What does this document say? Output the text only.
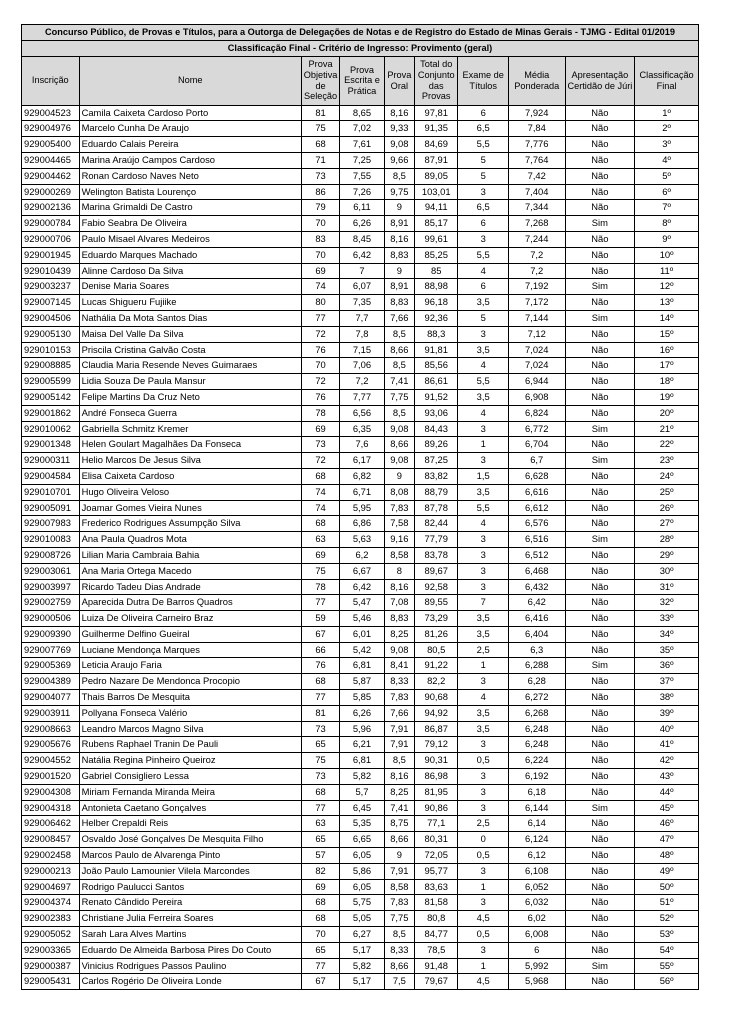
Concurso Público, de Provas e Títulos, para a Outorga de Delegações de Notas e de Registro do Estado de Minas Gerais - TJMG - Edital 01/2019									
Classificação Final - Critério de Ingresso: Provimento (geral)									
Inscrição	Nome	Prova Objetiva de Seleção	Prova Escrita e Prática	Prova Oral	Total do Conjunto das Provas	Exame de Títulos	Média Ponderada	Apresentação Certidão de Júri	Classificação Final
929004523	Camila Caixeta Cardoso Porto	81	8,65	8,16	97,81	6	7,924	Não	1º
929004976	Marcelo Cunha De Araujo	75	7,02	9,33	91,35	6,5	7,84	Não	2º
929005400	Eduardo Calais Pereira	68	7,61	9,08	84,69	5,5	7,776	Não	3º
929004465	Marina Araújo Campos Cardoso	71	7,25	9,66	87,91	5	7,764	Não	4º
929004462	Ronan Cardoso Naves Neto	73	7,55	8,5	89,05	5	7,42	Não	5º
929000269	Welington Batista Lourenço	86	7,26	9,75	103,01	3	7,404	Não	6º
929002136	Marina Grimaldi De Castro	79	6,11	9	94,11	6,5	7,344	Não	7º
929000784	Fabio Seabra De Oliveira	70	6,26	8,91	85,17	6	7,268	Sim	8º
929000706	Paulo Misael Alvares Medeiros	83	8,45	8,16	99,61	3	7,244	Não	9º
929001945	Eduardo Marques Machado	70	6,42	8,83	85,25	5,5	7,2	Não	10º
929010439	Alinne Cardoso Da Silva	69	7	9	85	4	7,2	Não	11º
929003237	Denise Maria Soares	74	6,07	8,91	88,98	6	7,192	Sim	12º
929007145	Lucas Shigueru Fujiike	80	7,35	8,83	96,18	3,5	7,172	Não	13º
929004506	Nathália Da Mota Santos Dias	77	7,7	7,66	92,36	5	7,144	Sim	14º
929005130	Maisa Del Valle Da Silva	72	7,8	8,5	88,3	3	7,12	Não	15º
929010153	Priscila Cristina Galvão Costa	76	7,15	8,66	91,81	3,5	7,024	Não	16º
929008885	Claudia Maria Resende Neves Guimaraes	70	7,06	8,5	85,56	4	7,024	Não	17º
929005599	Lidia Souza De Paula Mansur	72	7,2	7,41	86,61	5,5	6,944	Não	18º
929005142	Felipe Martins Da Cruz Neto	76	7,77	7,75	91,52	3,5	6,908	Não	19º
929001862	André Fonseca Guerra	78	6,56	8,5	93,06	4	6,824	Não	20º
929010062	Gabriella Schmitz Kremer	69	6,35	9,08	84,43	3	6,772	Sim	21º
929001348	Helen Goulart Magalhães Da Fonseca	73	7,6	8,66	89,26	1	6,704	Não	22º
929000311	Helio Marcos De Jesus Silva	72	6,17	9,08	87,25	3	6,7	Sim	23º
929004584	Elisa Caixeta Cardoso	68	6,82	9	83,82	1,5	6,628	Não	24º
929010701	Hugo Oliveira Veloso	74	6,71	8,08	88,79	3,5	6,616	Não	25º
929005091	Joamar Gomes Vieira Nunes	74	5,95	7,83	87,78	5,5	6,612	Não	26º
929007983	Frederico Rodrigues Assumpção Silva	68	6,86	7,58	82,44	4	6,576	Não	27º
929010083	Ana Paula Quadros Mota	63	5,63	9,16	77,79	3	6,516	Sim	28º
929008726	Lilian Maria Cambraia Bahia	69	6,2	8,58	83,78	3	6,512	Não	29º
929003061	Ana Maria Ortega Macedo	75	6,67	8	89,67	3	6,468	Não	30º
929003997	Ricardo Tadeu Dias Andrade	78	6,42	8,16	92,58	3	6,432	Não	31º
929002759	Aparecida Dutra De Barros Quadros	77	5,47	7,08	89,55	7	6,42	Não	32º
929000506	Luiza De Oliveira Carneiro Braz	59	5,46	8,83	73,29	3,5	6,416	Não	33º
929009390	Guilherme Delfino Gueiral	67	6,01	8,25	81,26	3,5	6,404	Não	34º
929007769	Luciane Mendonça Marques	66	5,42	9,08	80,5	2,5	6,3	Não	35º
929005369	Leticia Araujo Faria	76	6,81	8,41	91,22	1	6,288	Sim	36º
929004389	Pedro Nazare De Mendonca Procopio	68	5,87	8,33	82,2	3	6,28	Não	37º
929004077	Thais Barros De Mesquita	77	5,85	7,83	90,68	4	6,272	Não	38º
929003911	Pollyana Fonseca Valério	81	6,26	7,66	94,92	3,5	6,268	Não	39º
929008663	Leandro Marcos Magno Silva	73	5,96	7,91	86,87	3,5	6,248	Não	40º
929005676	Rubens Raphael Tranin De Pauli	65	6,21	7,91	79,12	3	6,248	Não	41º
929004552	Natália Regina Pinheiro Queiroz	75	6,81	8,5	90,31	0,5	6,224	Não	42º
929001520	Gabriel Consigliero Lessa	73	5,82	8,16	86,98	3	6,192	Não	43º
929004308	Miriam Fernanda Miranda Meira	68	5,7	8,25	81,95	3	6,18	Não	44º
929004318	Antonieta Caetano Gonçalves	77	6,45	7,41	90,86	3	6,144	Sim	45º
929006462	Helber Crepaldi Reis	63	5,35	8,75	77,1	2,5	6,14	Não	46º
929008457	Osvaldo José Gonçalves De Mesquita Filho	65	6,65	8,66	80,31	0	6,124	Não	47º
929002458	Marcos Paulo de Alvarenga Pinto	57	6,05	9	72,05	0,5	6,12	Não	48º
929000213	João Paulo Lamounier Vilela Marcondes	82	5,86	7,91	95,77	3	6,108	Não	49º
929004697	Rodrigo Paulucci Santos	69	6,05	8,58	83,63	1	6,052	Não	50º
929004374	Renato Cândido Pereira	68	5,75	7,83	81,58	3	6,032	Não	51º
929002383	Christiane Julia Ferreira Soares	68	5,05	7,75	80,8	4,5	6,02	Não	52º
929005052	Sarah Lara Alves Martins	70	6,27	8,5	84,77	0,5	6,008	Não	53º
929003365	Eduardo De Almeida Barbosa Pires Do Couto	65	5,17	8,33	78,5	3	6	Não	54º
929000387	Vinicius Rodrigues Passos Paulino	77	5,82	8,66	91,48	1	5,992	Sim	55º
929005431	Carlos Rogério De Oliveira Londe	67	5,17	7,5	79,67	4,5	5,968	Não	56º
